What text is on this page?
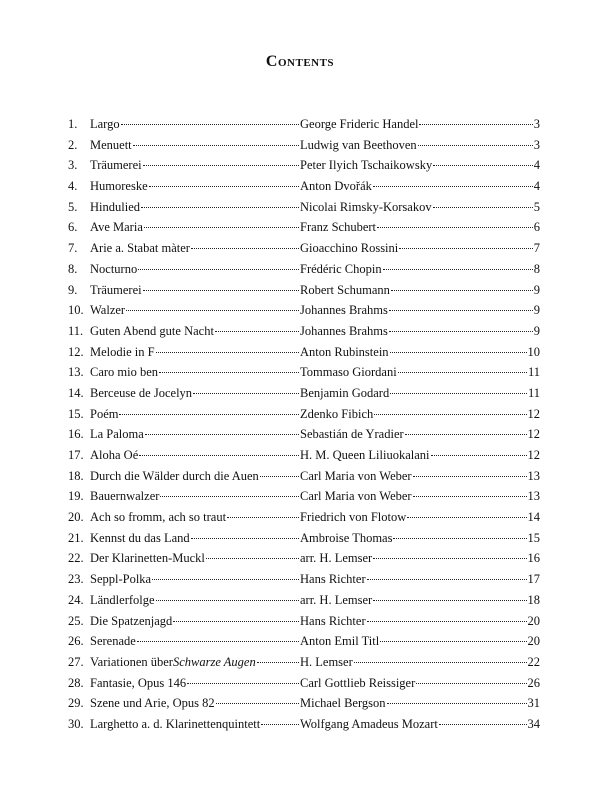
Contents
1.	Largo	George Frideric Handel	3
2.	Menuett	Ludwig van Beethoven	3
3.	Träumerei	Peter Ilyich Tschaikowsky	4
4.	Humoreske	Anton Dvořák	4
5.	Hindulied	Nicolai Rimsky-Korsakov	5
6.	Ave Maria	Franz Schubert	6
7.	Arie a. Stabat màter	Gioacchino Rossini	7
8.	Nocturno	Frédéric Chopin	8
9.	Träumerei	Robert Schumann	9
10. Walzer	Johannes Brahms	9
11. Guten Abend gute Nacht	Johannes Brahms	9
12. Melodie in F	Anton Rubinstein	10
13. Caro mio ben	Tommaso Giordani	11
14. Berceuse de Jocelyn	Benjamin Godard	11
15. Poém	Zdenko Fibich	12
16. La Paloma	Sebastián de Yradier	12
17. Aloha Oé	H. M. Queen Liliuokalani	12
18. Durch die Wälder durch die Auen	Carl Maria von Weber	13
19. Bauernwalzer	Carl Maria von Weber	13
20. Ach so fromm, ach so traut	Friedrich von Flotow	14
21. Kennst du das Land	Ambroise Thomas	15
22. Der Klarinetten-Muckl	arr. H. Lemser	16
23. Seppl-Polka	Hans Richter	17
24. Ländlerfolge	arr. H. Lemser	18
25. Die Spatzenjagd	Hans Richter	20
26. Serenade	Anton Emil Titl	20
27. Variationen über Schwarze Augen	H. Lemser	22
28. Fantasie, Opus 146	Carl Gottlieb Reissiger	26
29. Szene und Arie, Opus 82	Michael Bergson	31
30. Larghetto a. d. Klarinettenquintett	Wolfgang Amadeus Mozart	34
